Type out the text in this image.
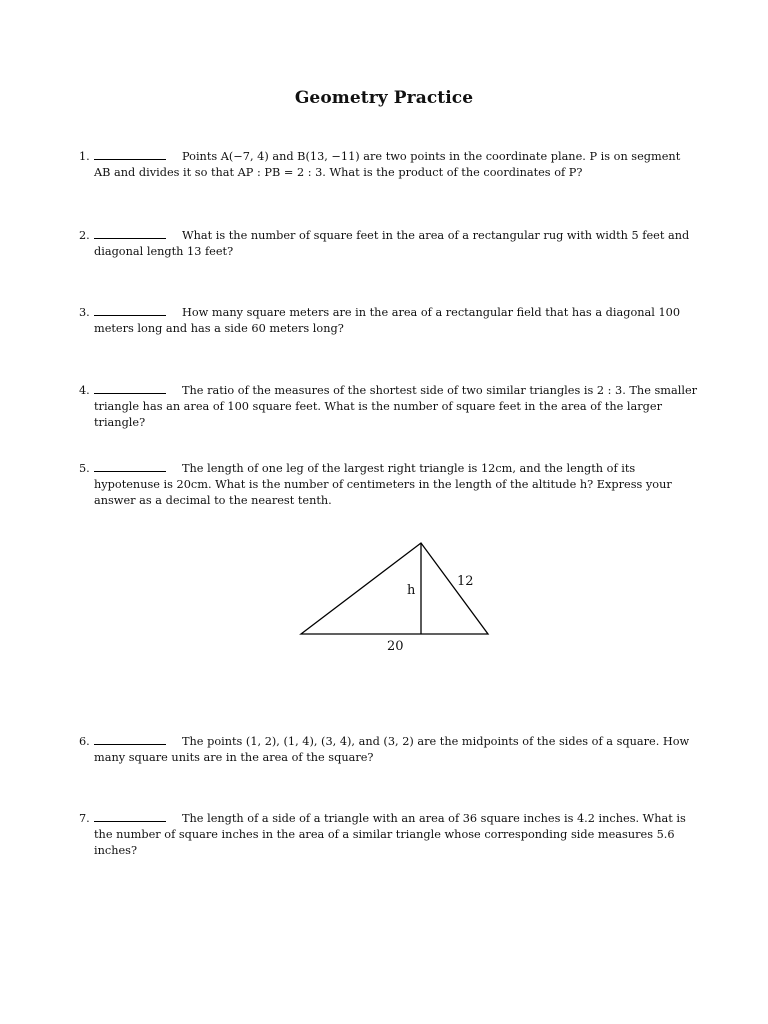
Geometry Practice
1.	Points A(−7, 4) and B(13, −11) are two points in the coordinate plane. P is on segment AB and divides it so that AP : PB = 2 : 3. What is the product of the coordinates of P?
2.	What is the number of square feet in the area of a rectangular rug with width 5 feet and diagonal length 13 feet?
3.	How many square meters are in the area of a rectangular field that has a diagonal 100 meters long and has a side 60 meters long?
4.	The ratio of the measures of the shortest side of two similar triangles is 2 : 3. The smaller triangle has an area of 100 square feet. What is the number of square feet in the area of the larger triangle?
5.	The length of one leg of the largest right triangle is 12cm, and the length of its hypotenuse is 20cm. What is the number of centimeters in the length of the altitude h? Express your answer as a decimal to the nearest tenth.
h
12
20
6.	The points (1, 2), (1, 4), (3, 4), and (3, 2) are the midpoints of the sides of a square. How many square units are in the area of the square?
7.	The length of a side of a triangle with an area of 36 square inches is 4.2 inches. What is the number of square inches in the area of a similar triangle whose corresponding side measures 5.6 inches?
